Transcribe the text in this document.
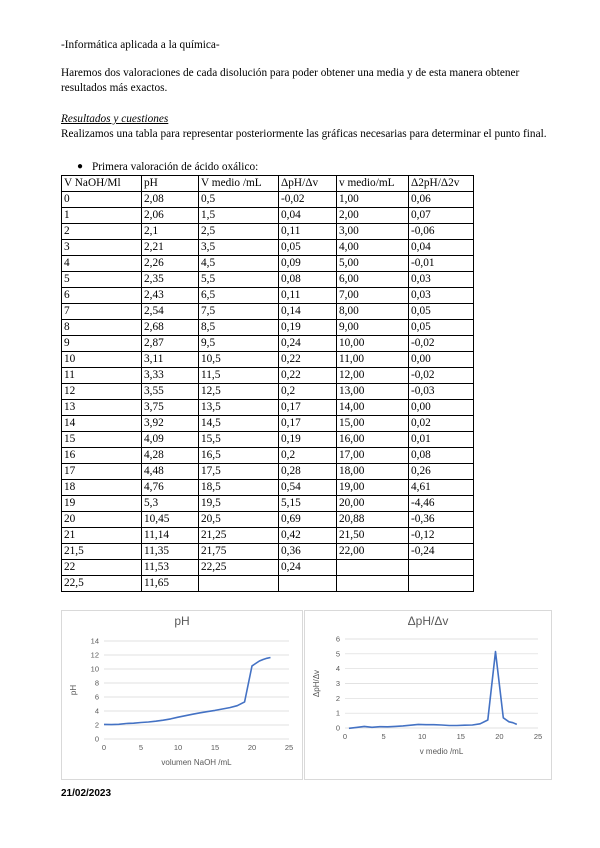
-Informática aplicada a la química-

Haremos dos valoraciones de cada disolución para poder obtener una media y de esta manera obtener resultados más exactos.

Resultados y cuestiones

Realizamos una tabla para representar posteriormente las gráficas necesarias para determinar el punto final.

● Primera valoración de ácido oxálico:
V NaOH/Ml	pH	V medio /mL	ΔpH/Δv	v medio/mL	Δ2pH/Δ2v
0	2,08	0,5	-0,02	1,00	0,06
1	2,06	1,5	0,04	2,00	0,07
2	2,1	2,5	0,11	3,00	-0,06
3	2,21	3,5	0,05	4,00	0,04
4	2,26	4,5	0,09	5,00	-0,01
5	2,35	5,5	0,08	6,00	0,03
6	2,43	6,5	0,11	7,00	0,03
7	2,54	7,5	0,14	8,00	0,05
8	2,68	8,5	0,19	9,00	0,05
9	2,87	9,5	0,24	10,00	-0,02
10	3,11	10,5	0,22	11,00	0,00
11	3,33	11,5	0,22	12,00	-0,02
12	3,55	12,5	0,2	13,00	-0,03
13	3,75	13,5	0,17	14,00	0,00
14	3,92	14,5	0,17	15,00	0,02
15	4,09	15,5	0,19	16,00	0,01
16	4,28	16,5	0,2	17,00	0,08
17	4,48	17,5	0,28	18,00	0,26
18	4,76	18,5	0,54	19,00	4,61
19	5,3	19,5	5,15	20,00	-4,46
20	10,45	20,5	0,69	20,88	-0,36
21	11,14	21,25	0,42	21,50	-0,12
21,5	11,35	21,75	0,36	22,00	-0,24
22	11,53	22,25	0,24		
22,5	11,65				
pH
0
2
4
6
8
10
12
14
0	5	10	15	20	25
volumen NaOH /mL
pH
ΔpH/Δv
0
1
2
3
4
5
6
0	5	10	15	20	25
v medio /mL
ΔpH/Δv
21/02/2023
